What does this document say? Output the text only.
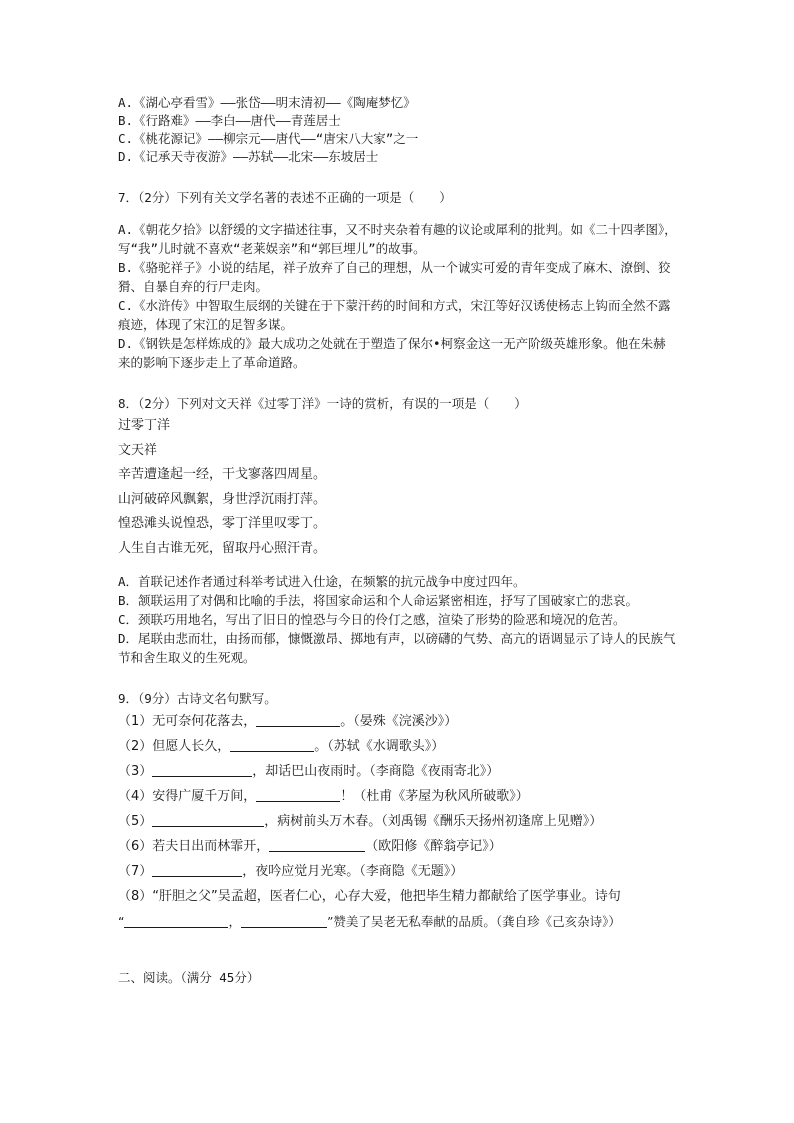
A.《湖心亭看雪》——张岱——明末清初——《陶庵梦忆》
B.《行路难》——李白——唐代——青莲居士
C.《桃花源记》——柳宗元——唐代——“唐宋八大家”之一
D.《记承天寺夜游》——苏轼——北宋——东坡居士
7．（2分）下列有关文学名著的表述不正确的一项是（　　）
A.《朝花夕拾》以舒缓的文字描述往事，又不时夹杂着有趣的议论或犀利的批判。如《二十四孝图》，写“我”儿时就不喜欢“老莱娱亲”和“郭巨埋儿”的故事。
B.《骆驼祥子》小说的结尾，祥子放弃了自己的理想，从一个诚实可爱的青年变成了麻木、潦倒、狡猾、自暴自弃的行尸走肉。
C.《水浒传》中智取生辰纲的关键在于下蒙汗药的时间和方式，宋江等好汉诱使杨志上钩而全然不露痕迹，体现了宋江的足智多谋。
D.《钢铁是怎样炼成的》最大成功之处就在于塑造了保尔•柯察金这一无产阶级英雄形象。他在朱赫来的影响下逐步走上了革命道路。
8．（2分）下列对文天祥《过零丁洋》一诗的赏析，有误的一项是（　　）
过零丁洋
文天祥
辛苦遭逢起一经，干戈寥落四周星。
山河破碎风飘絮，身世浮沉雨打萍。
惶恐滩头说惶恐，零丁洋里叹零丁。
人生自古谁无死，留取丹心照汗青。
A．首联记述作者通过科举考试进入仕途，在频繁的抗元战争中度过四年。
B．颔联运用了对偶和比喻的手法，将国家命运和个人命运紧密相连，抒写了国破家亡的悲哀。
C．颈联巧用地名，写出了旧日的惶恐与今日的伶仃之感，渲染了形势的险恶和境况的危苦。
D．尾联由悲而壮，由扬而郁，慷慨激昂、掷地有声，以磅礴的气势、高亢的语调显示了诗人的民族气节和舍生取义的生死观。
9．（9分）古诗文名句默写。
（1）无可奈何花落去，	。（晏殊《浣溪沙》）
（2）但愿人长久，	。（苏轼《水调歌头》）
（3）	，却话巴山夜雨时。（李商隐《夜雨寄北》）
（4）安得广厦千万间，	！（杜甫《茅屋为秋风所破歌》）
（5）	，病树前头万木春。（刘禹锡《酬乐天扬州初逢席上见赠》）
（6）若夫日出而林霏开，	（欧阳修《醉翁亭记》）
（7）	，夜吟应觉月光寒。（李商隐《无题》）
（8）“肝胆之父”吴孟超，医者仁心，心存大爱，他把毕生精力都献给了医学事业。诗句
“	，	”赞美了吴老无私奉献的品质。（龚自珍《己亥杂诗》）
二、阅读。（满分 45分）
